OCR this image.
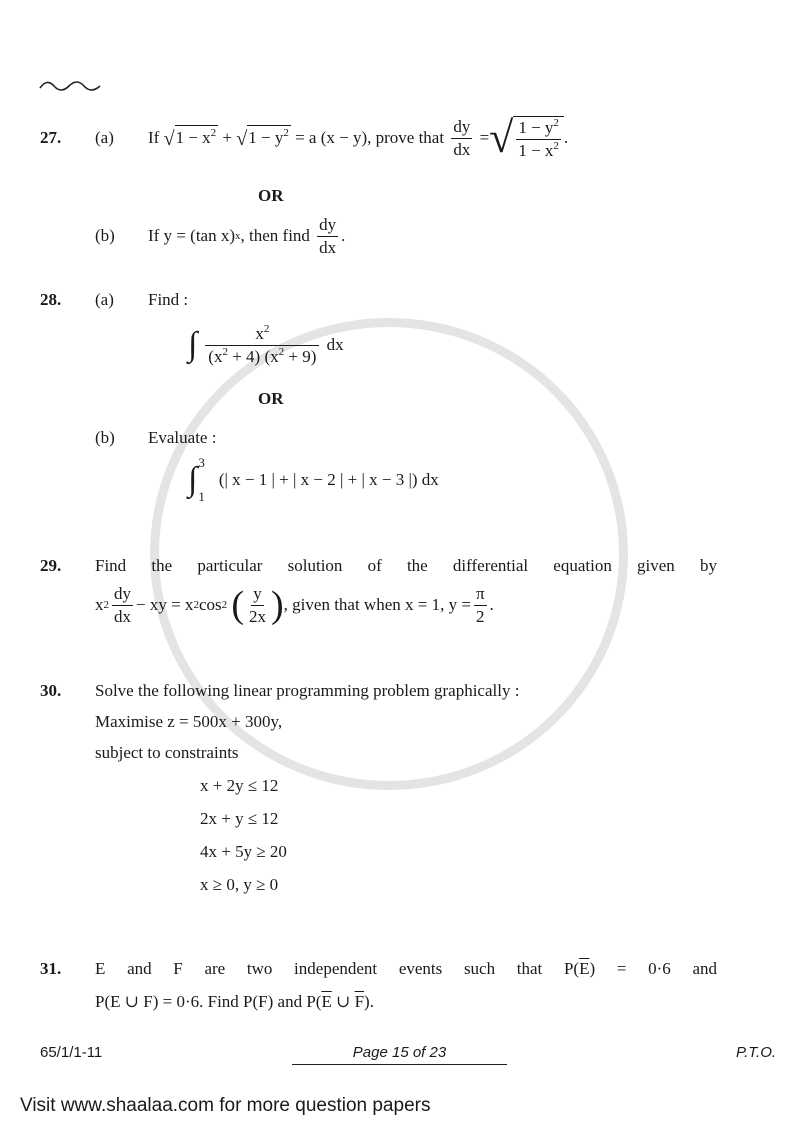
27. (a) If
$√1 - x^2$
+
$√1 - y^2$
= a (x − y), prove that
$\frac{dy}{dx}$
= √ $\frac{1 - y^2}{1 - x^2}$ .
OR
(b) If y = (tan x) x , then find
$\frac{dy}{dx}$ .
28. (a) Find :
∫ $\frac{x^2}{(x^2 + 4) (x^2 + 9)}$
dx
OR
(b) Evaluate :
∫ 3
1
(| x − 1 | + | x − 2 | + | x − 3 |)
dx
29. Find the particular solution of the differential equation given by
x $2 \frac{dy}{dx}$ − xy = x 2 cos 2
( $\frac{y}{2x}$ ) , given that when x = 1, $y = \frac{\pi}{2}$ .
30. Solve the following linear programming problem graphically :
Maximise z = 500x + 300y,
subject to constraints
x + 2y ≤ 12
2x + y ≤ 12
4x + 5y ≥ 20
x ≥ 0, y ≥ 0
31. E and F are two independent events such that $P(\overline{E}) = 0\cdot 6$ and
P(E ∪ F) = 0·6. Find P(F) and $P(\overline{E}$ ∪ $\overline{F}$).
65/1/1-11	Page 15 of 23	P.T.O.
Visit www.shaalaa.com for more question papers
